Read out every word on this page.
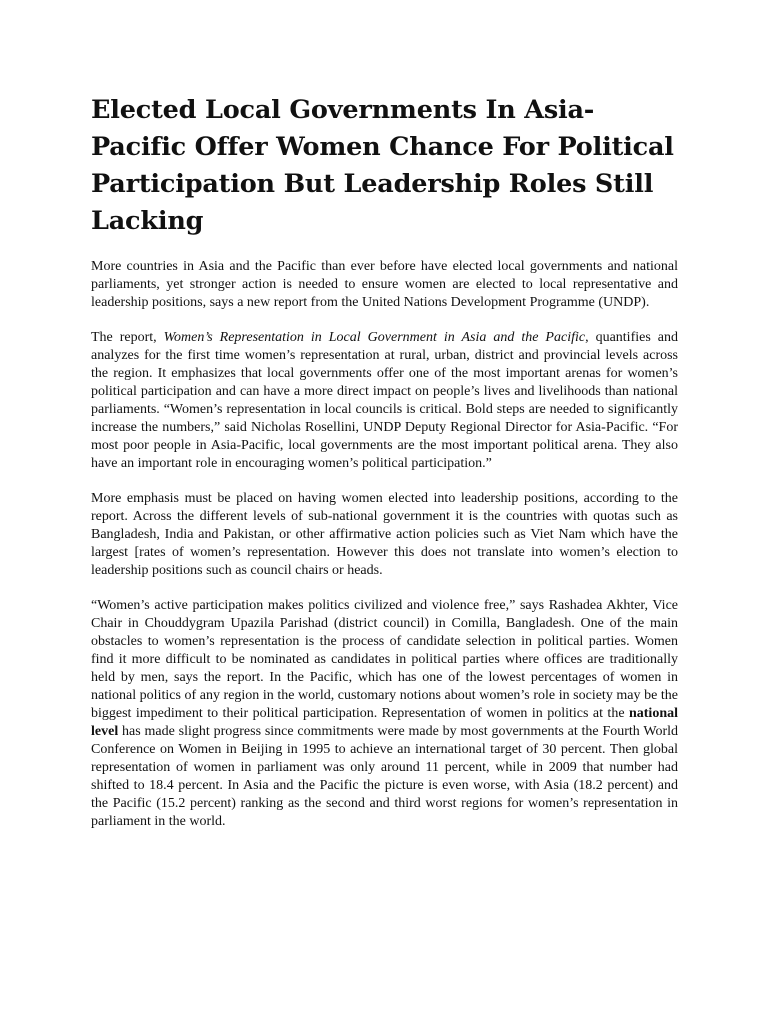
Elected Local Governments In Asia-Pacific Offer Women Chance For Political Participation But Leadership Roles Still Lacking

More countries in Asia and the Pacific than ever before have elected local governments and national parliaments, yet stronger action is needed to ensure women are elected to local representative and leadership positions, says a new report from the United Nations Development Programme (UNDP).

The report, Women’s Representation in Local Government in Asia and the Pacific, quantifies and analyzes for the first time women’s representation at rural, urban, district and provincial levels across the region. It emphasizes that local governments offer one of the most important arenas for women’s political participation and can have a more direct impact on people’s lives and livelihoods than national parliaments. “Women’s representation in local councils is critical. Bold steps are needed to significantly increase the numbers,” said Nicholas Rosellini, UNDP Deputy Regional Director for Asia-Pacific. “For most poor people in Asia-Pacific, local governments are the most important political arena. They also have an important role in encouraging women’s political participation.”

More emphasis must be placed on having women elected into leadership positions, according to the report. Across the different levels of sub-national government it is the countries with quotas such as Bangladesh, India and Pakistan, or other affirmative action policies such as Viet Nam which have the largest [rates of women’s representation. However this does not translate into women’s election to leadership positions such as council chairs or heads.

“Women’s active participation makes politics civilized and violence free,” says Rashadea Akhter, Vice Chair in Chouddygram Upazila Parishad (district council) in Comilla, Bangladesh. One of the main obstacles to women’s representation is the process of candidate selection in political parties. Women find it more difficult to be nominated as candidates in political parties where offices are traditionally held by men, says the report. In the Pacific, which has one of the lowest percentages of women in national politics of any region in the world, customary notions about women’s role in society may be the biggest impediment to their political participation. Representation of women in politics at the national level has made slight progress since commitments were made by most governments at the Fourth World Conference on Women in Beijing in 1995 to achieve an international target of 30 percent. Then global representation of women in parliament was only around 11 percent, while in 2009 that number had shifted to 18.4 percent. In Asia and the Pacific the picture is even worse, with Asia (18.2 percent) and the Pacific (15.2 percent) ranking as the second and third worst regions for women’s representation in parliament in the world.
